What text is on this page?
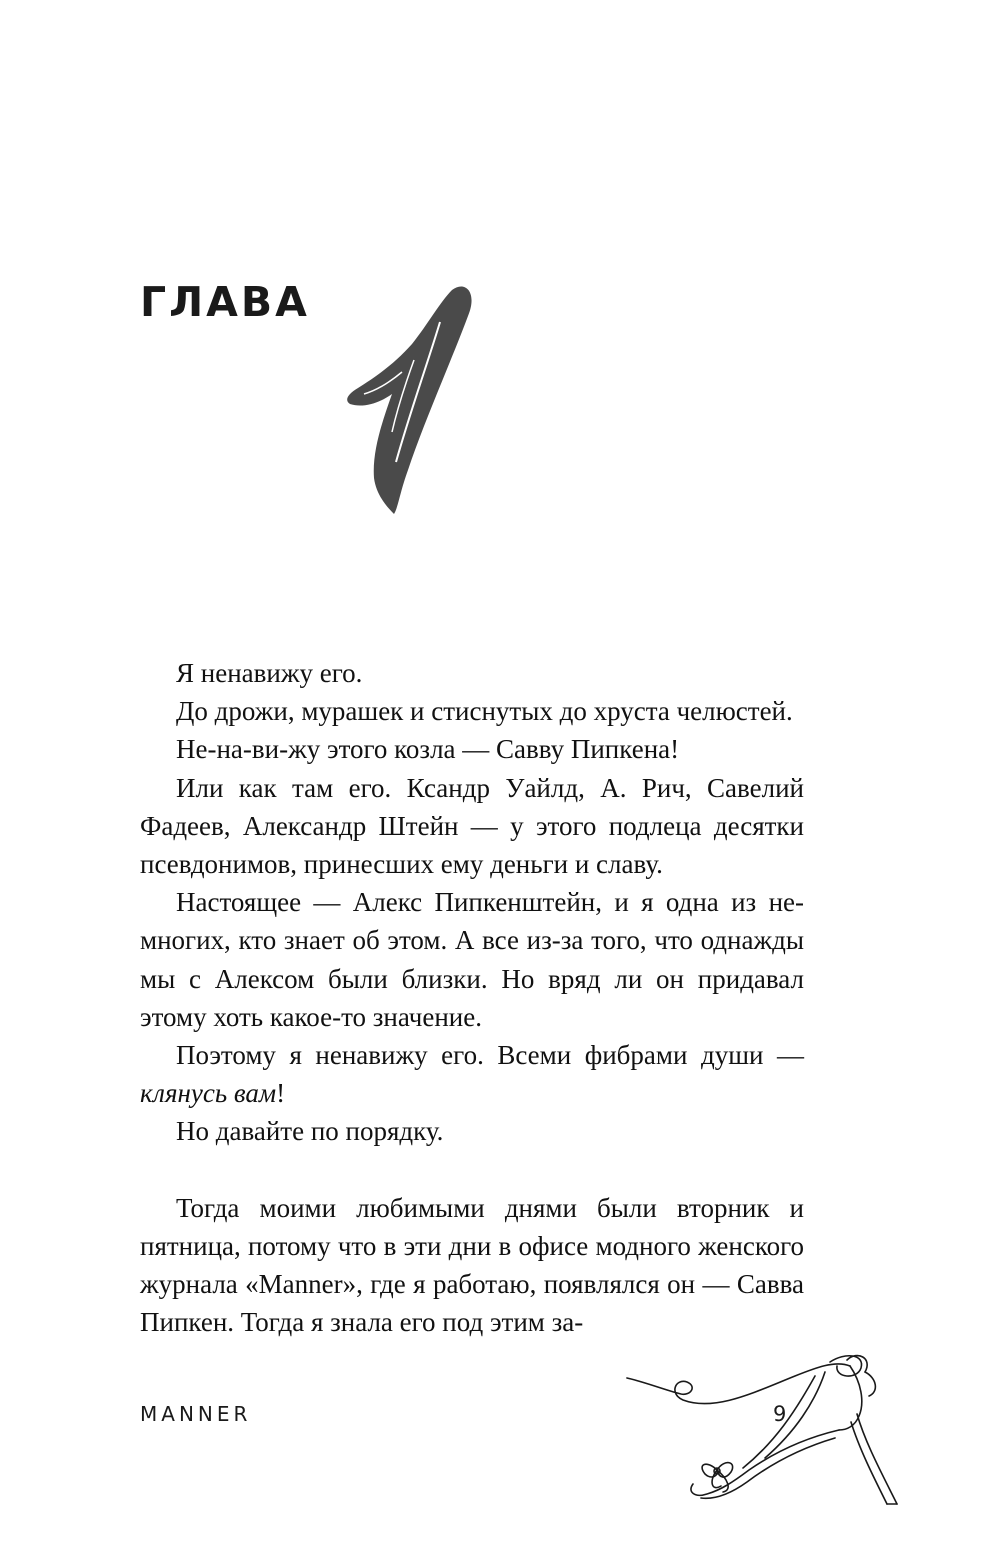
ГЛАВА

Я ненавижу его.

До дрожи, мурашек и стиснутых до хруста челюстей.

Не-на-ви-жу этого козла — Савву Пипкена!

Или как там его. Ксандр Уайлд, А. Рич, Савелий Фадеев, Александр Штейн — у этого подлеца десятки псевдонимов, принесших ему деньги и славу.

Настоящее — Алекс Пипкенштейн, и я одна из немногих, кто знает об этом. А все из-за того, что однажды мы с Алексом были близки. Но вряд ли он придавал этому хоть какое-то значение.

Поэтому я ненавижу его. Всеми фибрами души — клянусь вам!

Но давайте по порядку.

Тогда моими любимыми днями были вторник и пятница, потому что в эти дни в офисе модного женского журнала «Manner», где я работаю, появлялся он — Савва Пипкен. Тогда я знала его под этим за-

MANNER	9
